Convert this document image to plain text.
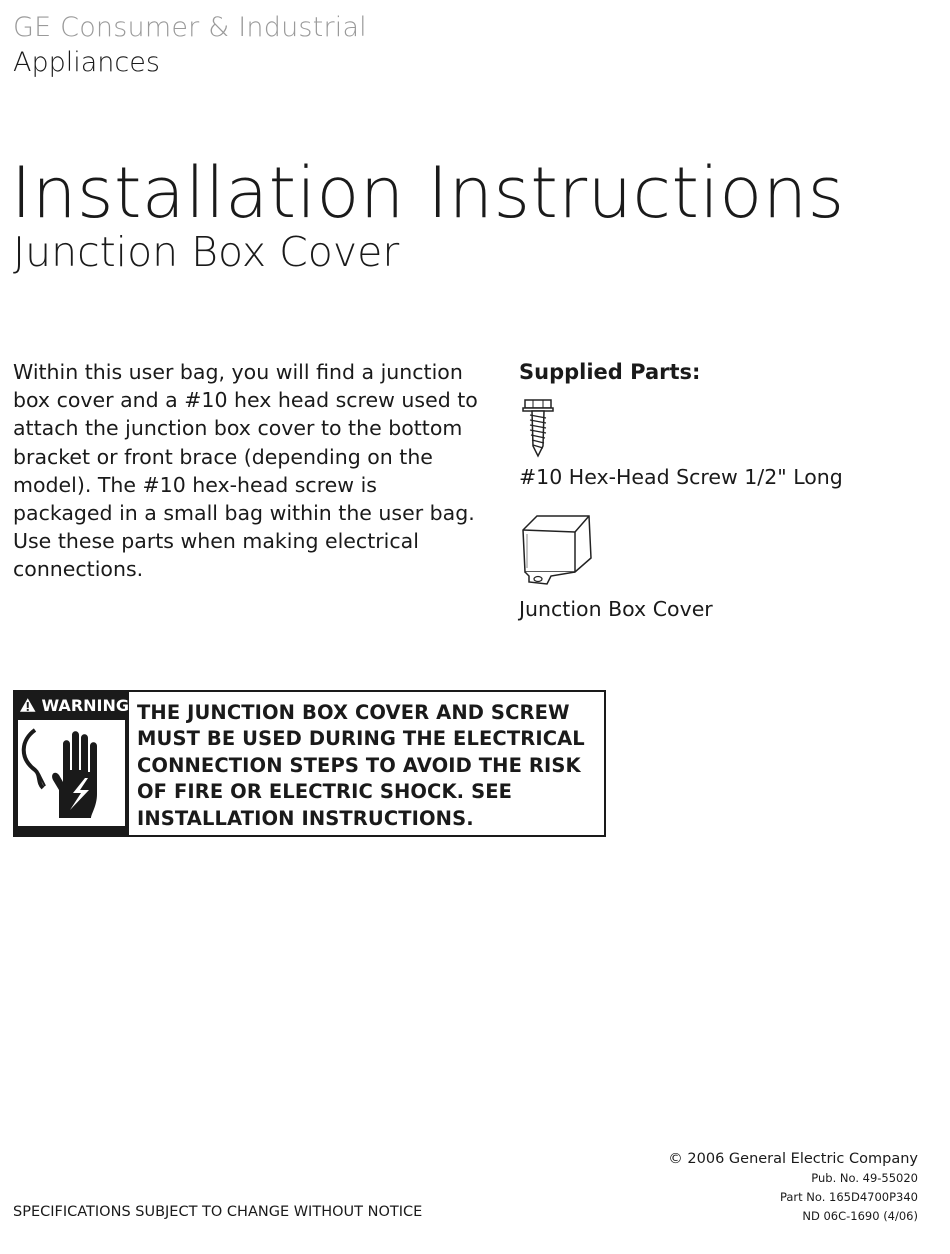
GE Consumer & Industrial
Appliances
Installation Instructions
Junction Box Cover
Within this user bag, you will find a junction box cover and a #10 hex head screw used to attach the junction box cover to the bottom bracket or front brace (depending on the model). The #10 hex-head screw is packaged in a small bag within the user bag. Use these parts when making electrical connections.
Supplied Parts:
#10 Hex-Head Screw 1/2" Long
Junction Box Cover
WARNING THE JUNCTION BOX COVER AND SCREW MUST BE USED DURING THE ELECTRICAL CONNECTION STEPS TO AVOID THE RISK OF FIRE OR ELECTRIC SHOCK. SEE INSTALLATION INSTRUCTIONS.
SPECIFICATIONS SUBJECT TO CHANGE WITHOUT NOTICE
© 2006 General Electric Company
Pub. No. 49-55020
Part No. 165D4700P340
ND 06C-1690 (4/06)
